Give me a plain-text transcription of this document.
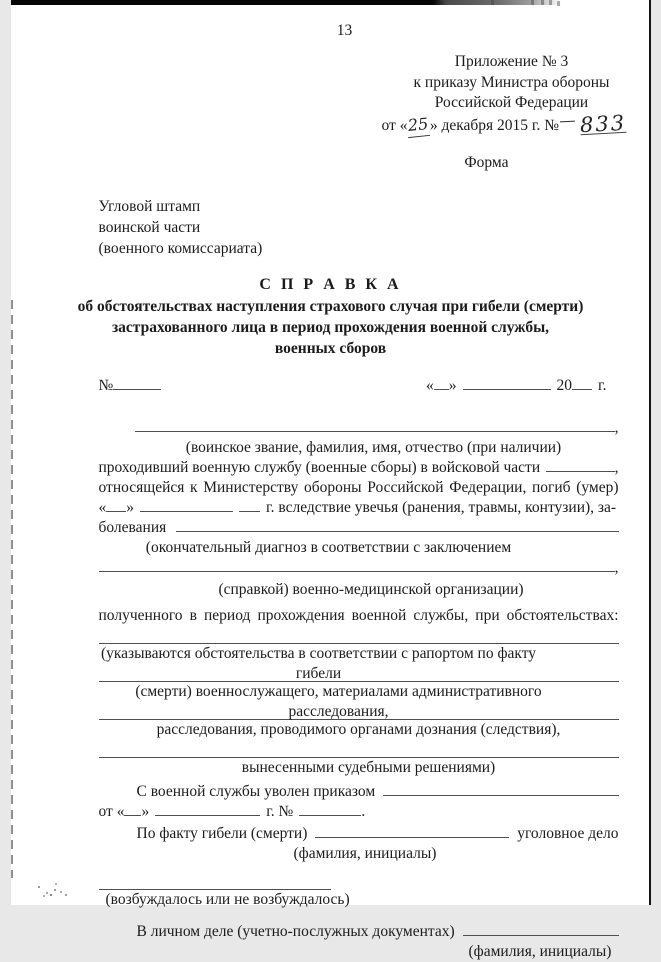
13
Приложение № 3
к приказу Министра обороны
Российской Федерации
от « 25 » декабря 2015 г. № 833
Форма
Угловой штамп
воинской части
(военного комиссариата)
С П Р А В К А
об обстоятельствах наступления страхового случая при гибели (смерти)
застрахованного лица в период прохождения военной службы,
военных сборов
№	« »	20 г.
,
(воинское звание, фамилия, имя, отчество (при наличии)
проходивший военную службу (военные сборы) в войсковой части	,
относящейся к Министерству обороны Российской Федерации, погиб (умер)
« »	г. вследствие увечья (ранения, травмы, контузии), за-
болевания
(окончательный диагноз в соответствии с заключением
,
(справкой) военно-медицинской организации)
полученного в период прохождения военной службы, при обстоятельствах:
(указываются обстоятельства в соответствии с рапортом по факту гибели
(смерти) военнослужащего, материалами административного расследования,
расследования, проводимого органами дознания (следствия),
вынесенными судебными решениями)
С военной службы уволен приказом
от « »	г. №	.
По факту гибели (смерти)	уголовное дело
(фамилия, инициалы)
(возбуждалось или не возбуждалось)
В личном деле (учетно-послужных документах)
(фамилия, инициалы)
